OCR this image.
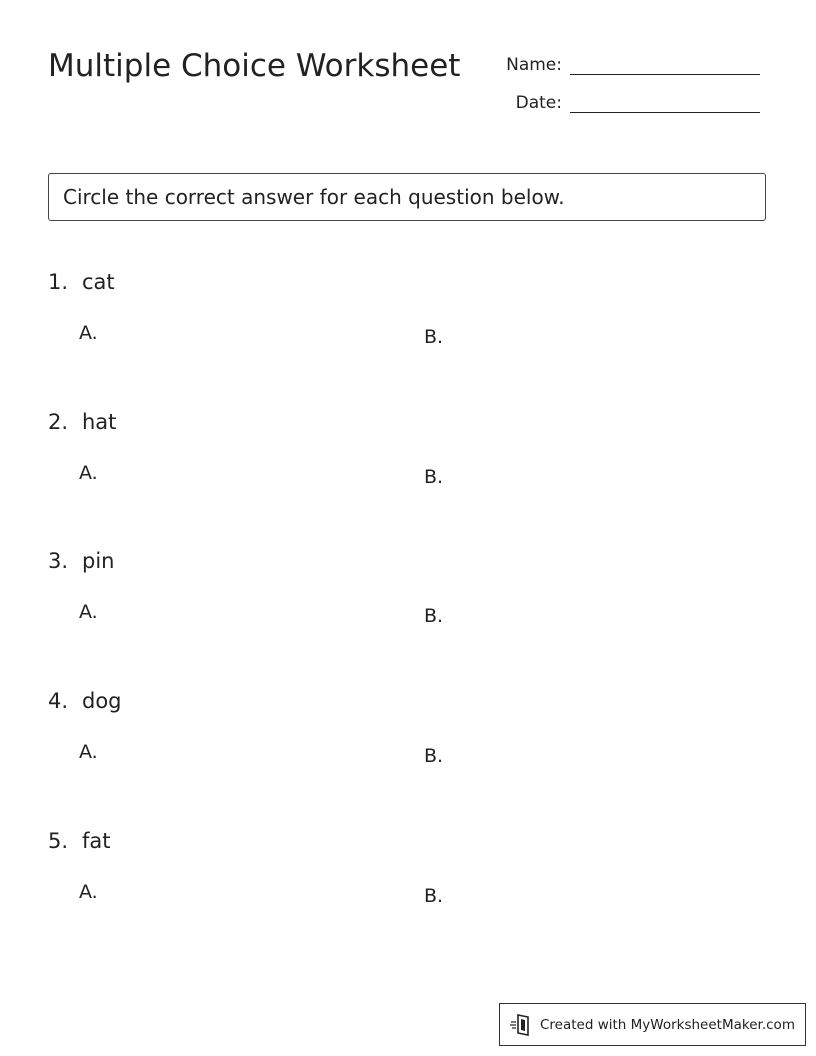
Multiple Choice Worksheet	Name:
Date:
Circle the correct answer for each question below.
1. cat
A.	B.
2. hat
A.	B.
3. pin
A.	B.
4. dog
A.	B.
5. fat
A.	B.
Created with MyWorksheetMaker.com
